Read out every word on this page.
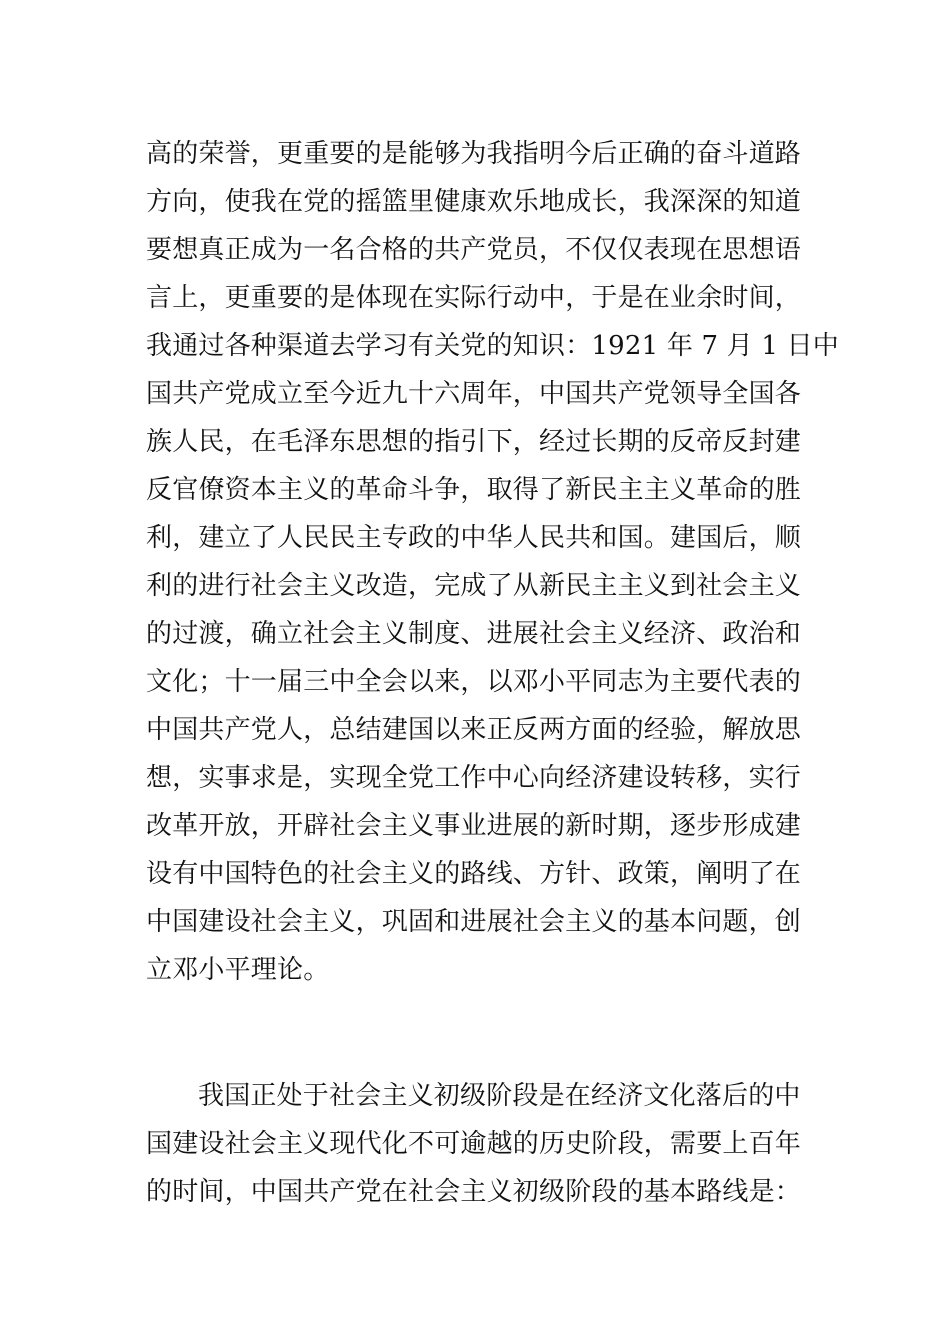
高的荣誉，更重要的是能够为我指明今后正确的奋斗道路
方向，使我在党的摇篮里健康欢乐地成长，我深深的知道
要想真正成为一名合格的共产党员，不仅仅表现在思想语
言上，更重要的是体现在实际行动中，于是在业余时间，
我通过各种渠道去学习有关党的知识：1921 年 7 月 1 日中
国共产党成立至今近九十六周年，中国共产党领导全国各
族人民，在毛泽东思想的指引下，经过长期的反帝反封建
反官僚资本主义的革命斗争，取得了新民主主义革命的胜
利，建立了人民民主专政的中华人民共和国。建国后，顺
利的进行社会主义改造，完成了从新民主主义到社会主义
的过渡，确立社会主义制度、进展社会主义经济、政治和
文化；十一届三中全会以来，以邓小平同志为主要代表的
中国共产党人，总结建国以来正反两方面的经验，解放思
想，实事求是，实现全党工作中心向经济建设转移，实行
改革开放，开辟社会主义事业进展的新时期，逐步形成建
设有中国特色的社会主义的路线、方针、政策，阐明了在
中国建设社会主义，巩固和进展社会主义的基本问题，创
立邓小平理论。
我国正处于社会主义初级阶段是在经济文化落后的中
国建设社会主义现代化不可逾越的历史阶段，需要上百年
的时间，中国共产党在社会主义初级阶段的基本路线是：
